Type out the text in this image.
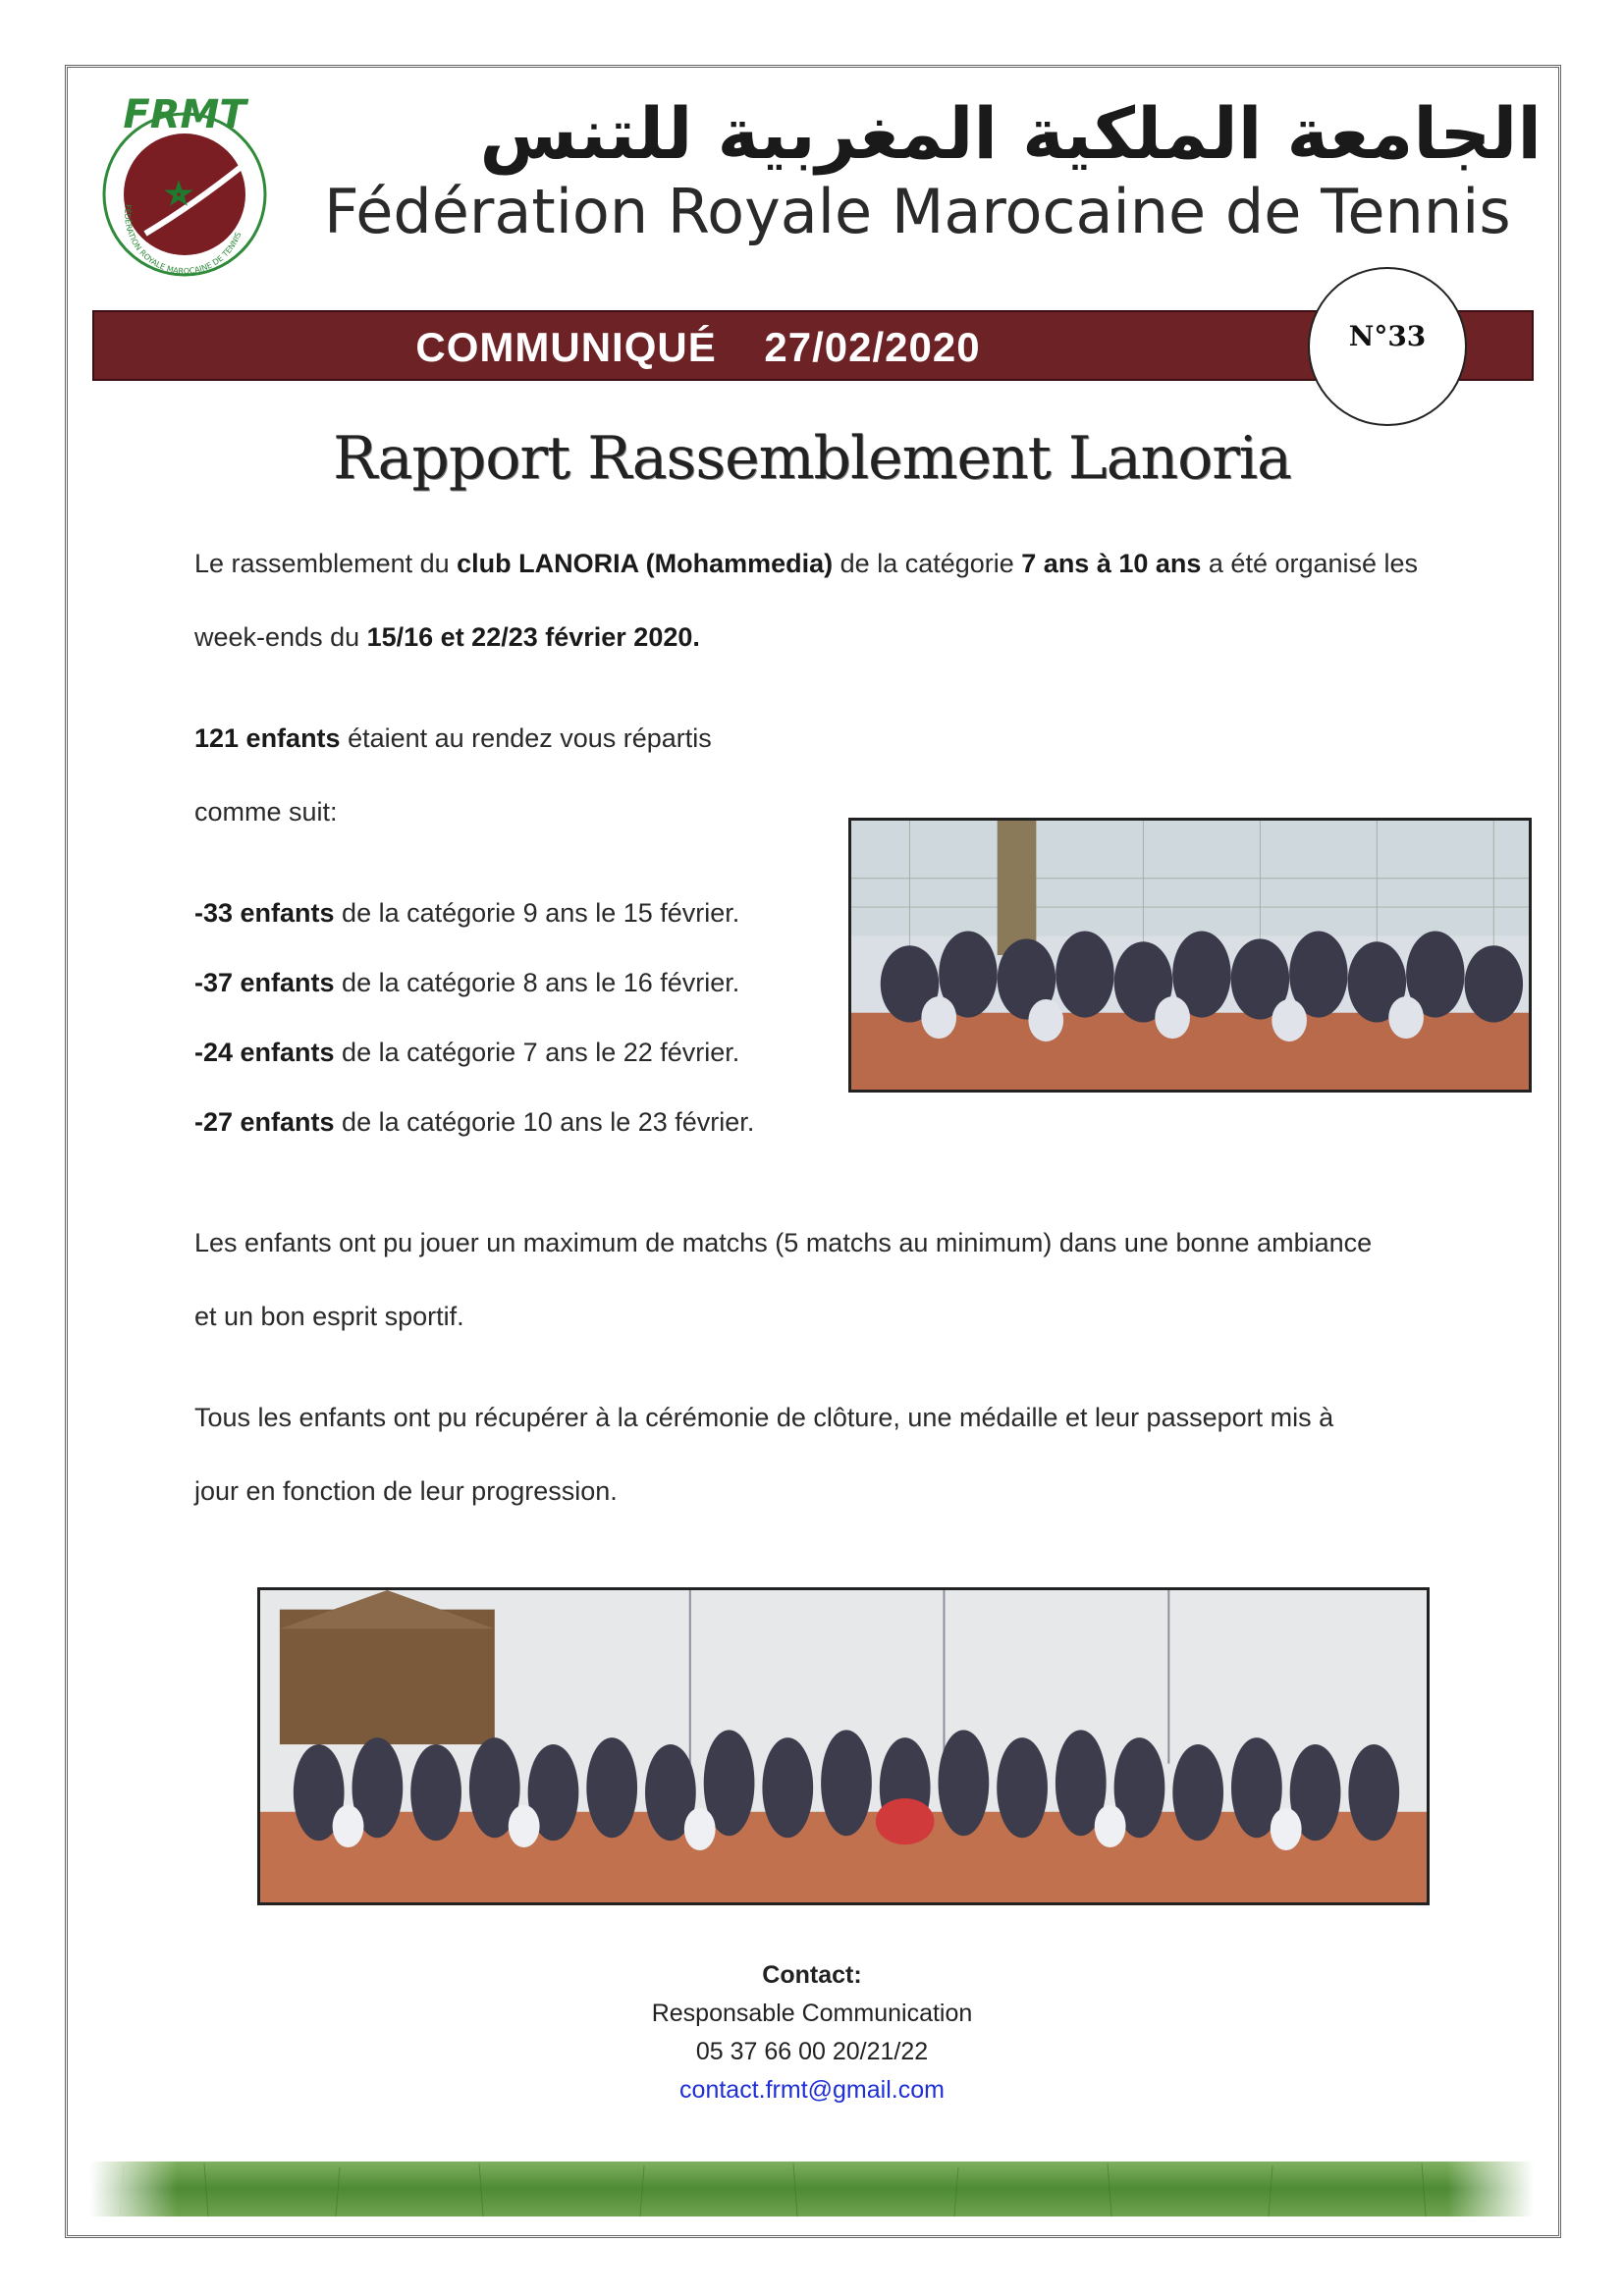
FRMT
FÉDÉRATION ROYALE MAROCAINE DE TENNIS
الجامعة الملكية المغربية للتنس
Fédération Royale Marocaine de Tennis
COMMUNIQUÉ 27/02/2020	N°33
Rapport Rassemblement Lanoria
Le rassemblement du club LANORIA (Mohammedia) de la catégorie 7 ans à 10 ans a été organisé les
week-ends du 15/16 et 22/23 février 2020.
121 enfants étaient au rendez vous répartis
comme suit:
-33 enfants de la catégorie 9 ans le 15 février.
-37 enfants de la catégorie 8 ans le 16 février.
-24 enfants de la catégorie 7 ans le 22 février.
-27 enfants de la catégorie 10 ans le 23 février.
Les enfants ont pu jouer un maximum de matchs (5 matchs au minimum) dans une bonne ambiance
et un bon esprit sportif.
Tous les enfants ont pu récupérer à la cérémonie de clôture, une médaille et leur passeport mis à
jour en fonction de leur progression.
Contact:
Responsable Communication
05 37 66 00 20/21/22
contact.frmt@gmail.com
